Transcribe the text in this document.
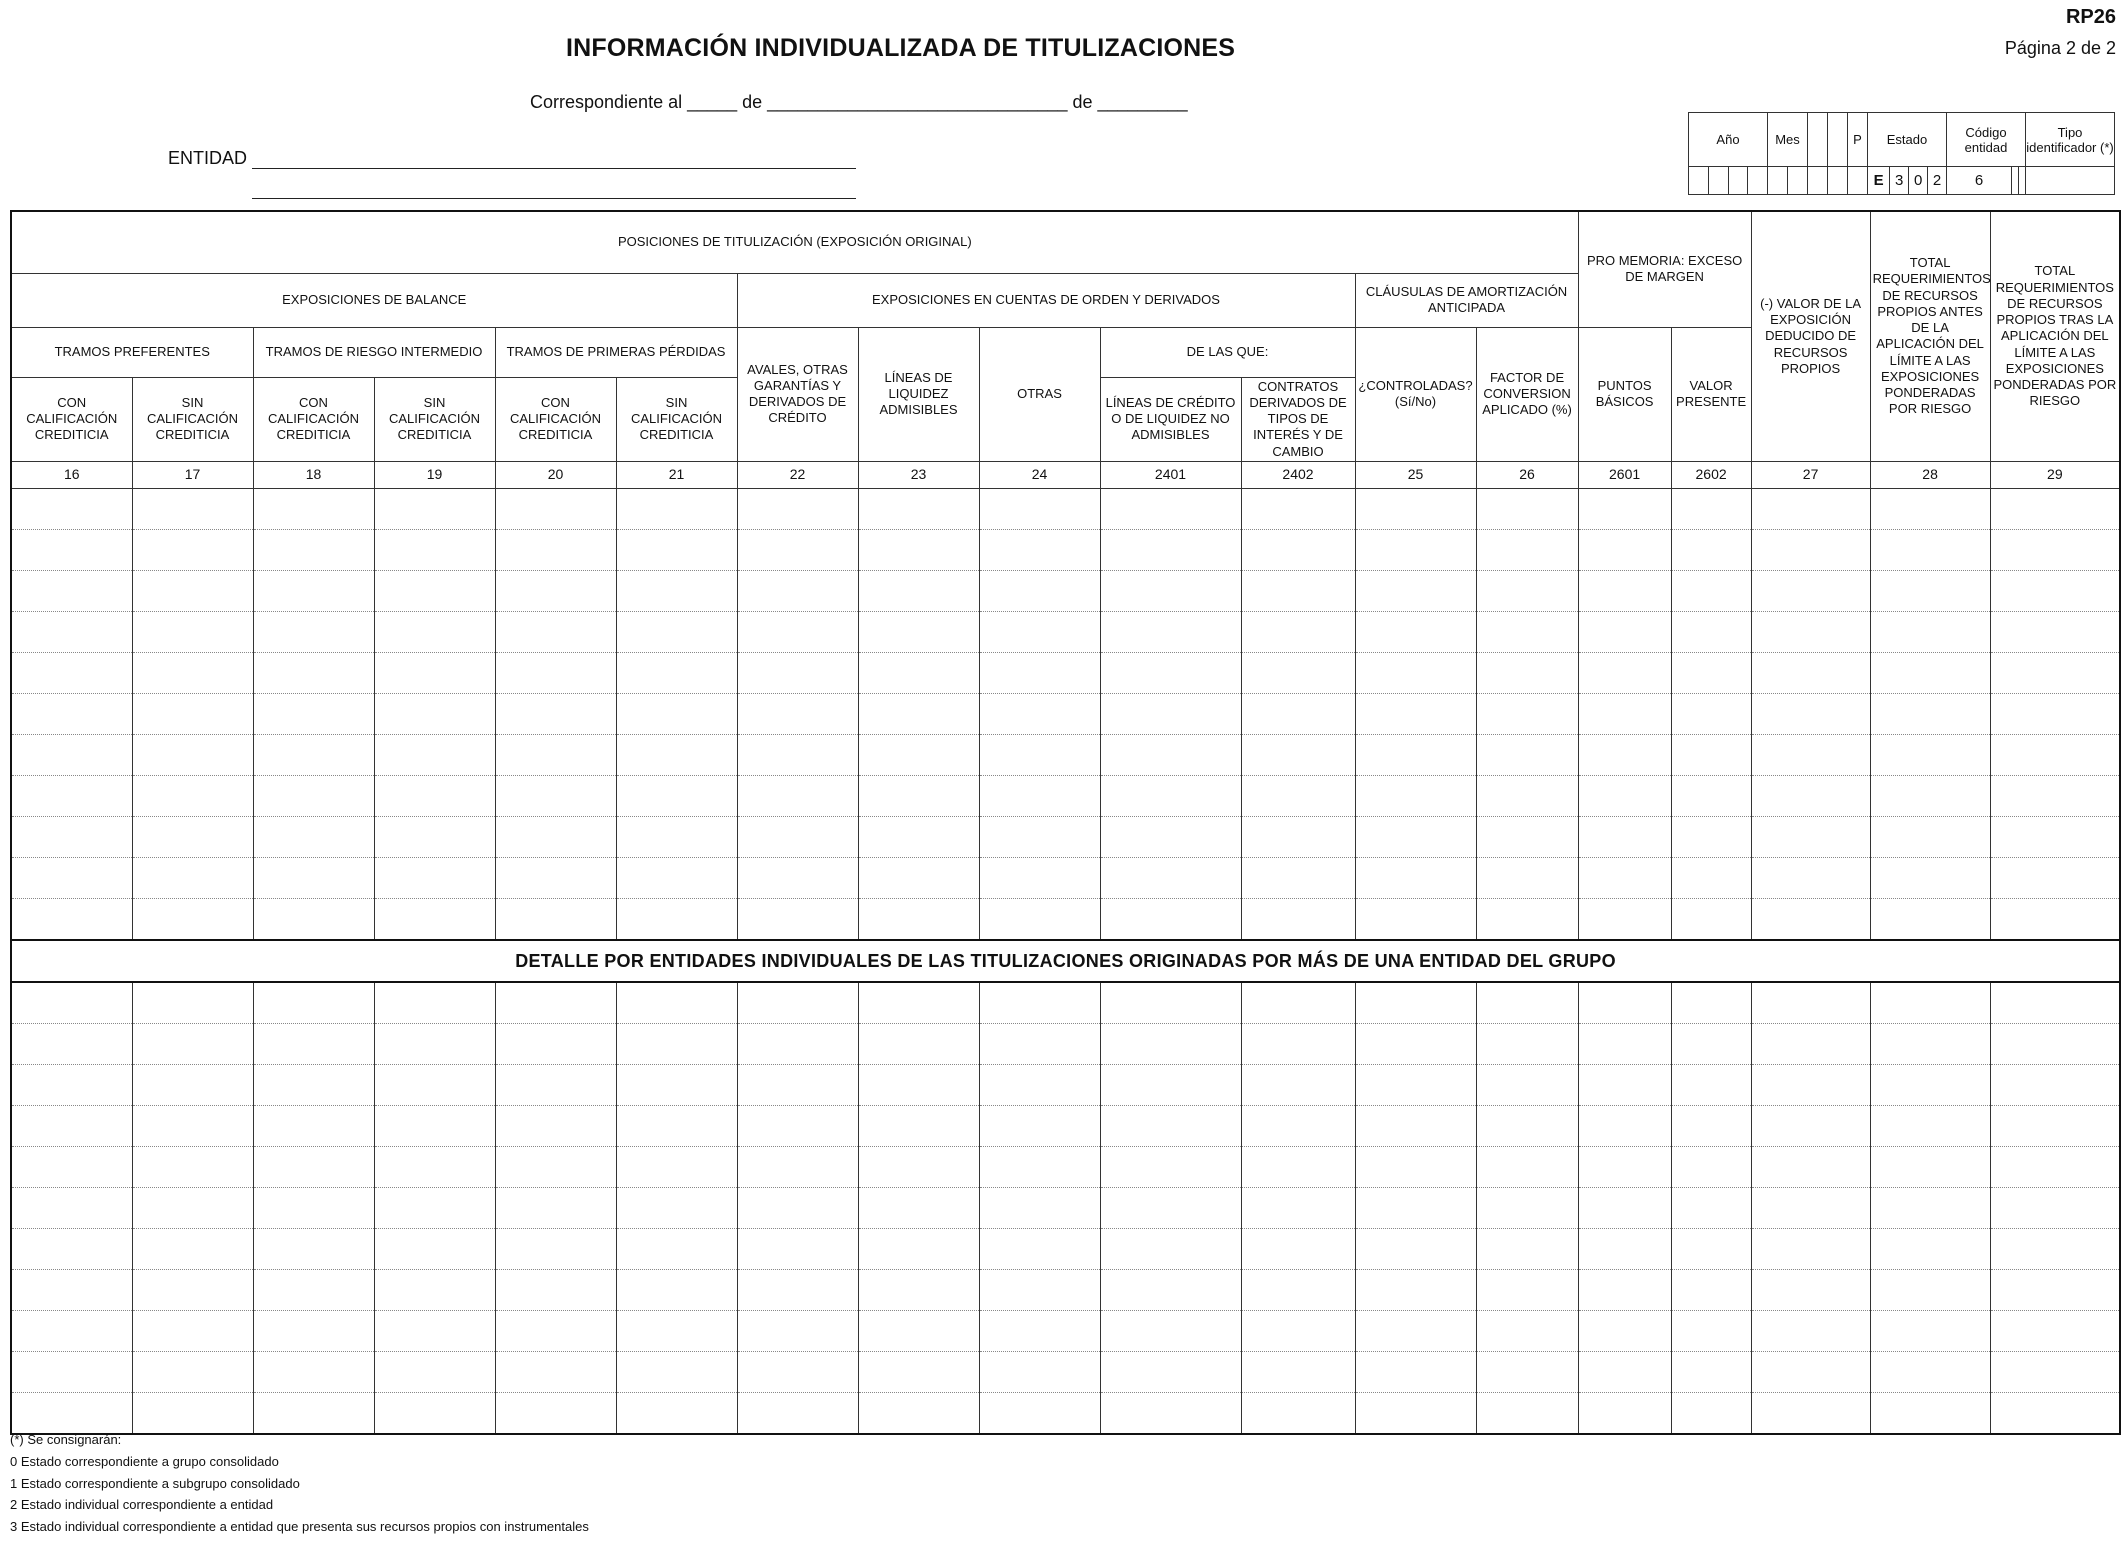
RP26
INFORMACIÓN INDIVIDUALIZADA DE TITULIZACIONES	Página 2 de 2
Correspondiente al _____ de ______________________________ de _________
ENTIDAD
Año				Mes				P	Estado				Código entidad			Tipo identificador (*)
									E	3	0	2	6			
POSICIONES DE TITULIZACIÓN (EXPOSICIÓN ORIGINAL)													PRO MEMORIA: EXCESO DE MARGEN		(-) VALOR DE LA EXPOSICIÓN DEDUCIDO DE RECURSOS PROPIOS	TOTAL REQUERIMIENTOS DE RECURSOS PROPIOS ANTES DE LA APLICACIÓN DEL LÍMITE A LAS EXPOSICIONES PONDERADAS POR RIESGO	TOTAL REQUERIMIENTOS DE RECURSOS PROPIOS TRAS LA APLICACIÓN DEL LÍMITE A LAS EXPOSICIONES PONDERADAS POR RIESGO
EXPOSICIONES DE BALANCE						EXPOSICIONES EN CUENTAS DE ORDEN Y DERIVADOS					CLÁUSULAS DE AMORTIZACIÓN ANTICIPADA						
TRAMOS PREFERENTES		TRAMOS DE RIESGO INTERMEDIO		TRAMOS DE PRIMERAS PÉRDIDAS		AVALES, OTRAS GARANTÍAS Y DERIVADOS DE CRÉDITO	LÍNEAS DE LIQUIDEZ ADMISIBLES	OTRAS	DE LAS QUE:		¿CONTROLADAS? (Sí/No)	FACTOR DE CONVERSION APLICADO (%)	PUNTOS BÁSICOS	VALOR PRESENTE			
CON CALIFICACIÓN CREDITICIA	SIN CALIFICACIÓN CREDITICIA	CON CALIFICACIÓN CREDITICIA	SIN CALIFICACIÓN CREDITICIA	CON CALIFICACIÓN CREDITICIA	SIN CALIFICACIÓN CREDITICIA				LÍNEAS DE CRÉDITO O DE LIQUIDEZ NO ADMISIBLES	CONTRATOS DERIVADOS DE TIPOS DE INTERÉS Y DE CAMBIO							
16	17	18	19	20	21	22	23	24	2401	2402	25	26	2601	2602	27	28	29

DETALLE POR ENTIDADES INDIVIDUALES DE LAS TITULIZACIONES ORIGINADAS POR MÁS DE UNA ENTIDAD DEL GRUPO																	

(*) Se consignarán:
0 Estado correspondiente a grupo consolidado
1 Estado correspondiente a subgrupo consolidado
2 Estado individual correspondiente a entidad
3 Estado individual correspondiente a entidad que presenta sus recursos propios con instrumentales
